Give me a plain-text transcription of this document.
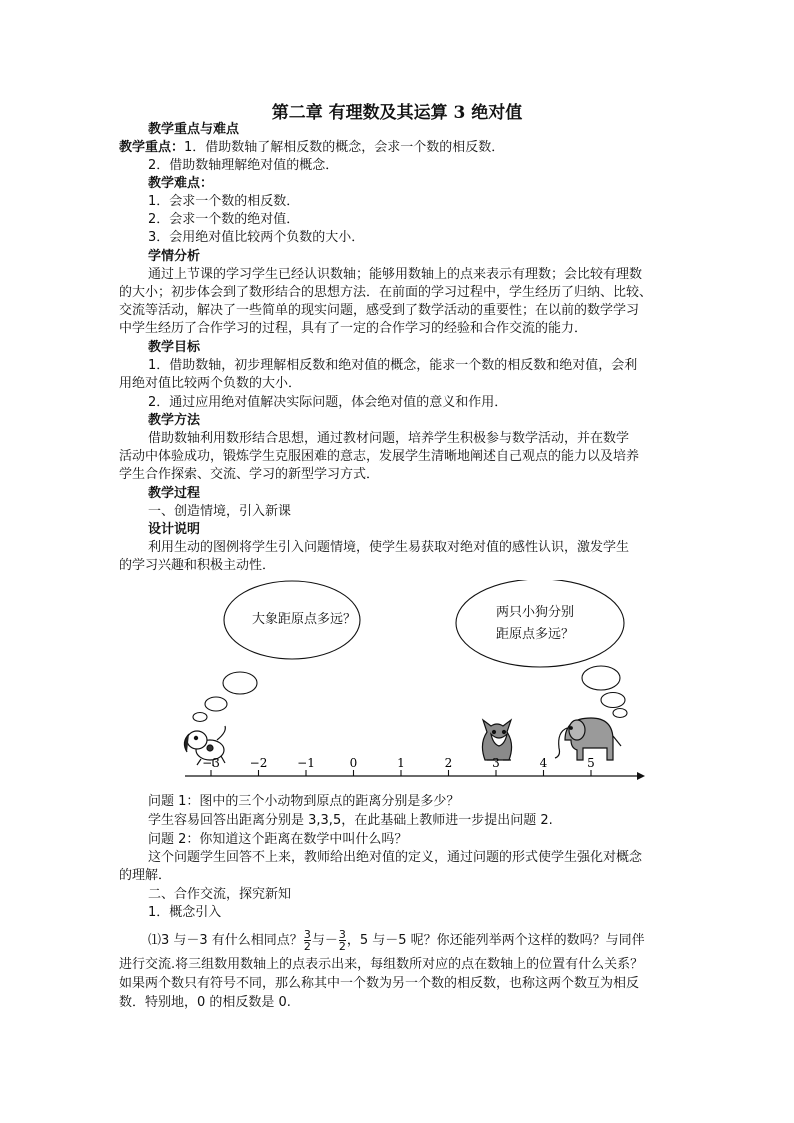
第二章 有理数及其运算 3 绝对值
教学重点与难点
教学重点：1．借助数轴了解相反数的概念，会求一个数的相反数．
2．借助数轴理解绝对值的概念．
教学难点：
1．会求一个数的相反数．
2．会求一个数的绝对值．
3．会用绝对值比较两个负数的大小．
学情分析
通过上节课的学习学生已经认识数轴；能够用数轴上的点来表示有理数；会比较有理数
的大小；初步体会到了数形结合的思想方法．在前面的学习过程中，学生经历了归纳、比较、
交流等活动，解决了一些简单的现实问题，感受到了数学活动的重要性；在以前的数学学习
中学生经历了合作学习的过程，具有了一定的合作学习的经验和合作交流的能力．
教学目标
1．借助数轴，初步理解相反数和绝对值的概念，能求一个数的相反数和绝对值，会利
用绝对值比较两个负数的大小．
2．通过应用绝对值解决实际问题，体会绝对值的意义和作用．
教学方法
借助数轴利用数形结合思想，通过教材问题，培养学生积极参与数学活动，并在数学
活动中体验成功，锻炼学生克服困难的意志，发展学生清晰地阐述自己观点的能力以及培养
学生合作探索、交流、学习的新型学习方式．
教学过程
一、创造情境，引入新课
设计说明
利用生动的图例将学生引入问题情境，使学生易获取对绝对值的感性认识，激发学生
的学习兴趣和积极主动性．
−3 −2 −1	0	1	2	3	4	5
大象距原点多远？	两只小狗分别
距原点多远？
问题 1：图中的三个小动物到原点的距离分别是多少？
学生容易回答出距离分别是 3,3,5，在此基础上教师进一步提出问题 2.
问题 2：你知道这个距离在数学中叫什么吗？
这个问题学生回答不上来，教师给出绝对值的定义，通过问题的形式使学生强化对概念
的理解．
二、合作交流，探究新知
1．概念引入
⑴3 与－3 有什么相同点？$\frac{3}{2}$与$-\frac{3}{2}$，5 与－5 呢？你还能列举两个这样的数吗？与同伴
进行交流.将三组数用数轴上的点表示出来，每组数所对应的点在数轴上的位置有什么关系？
如果两个数只有符号不同，那么称其中一个数为另一个数的相反数，也称这两个数互为相反
数．特别地，0 的相反数是 0.
